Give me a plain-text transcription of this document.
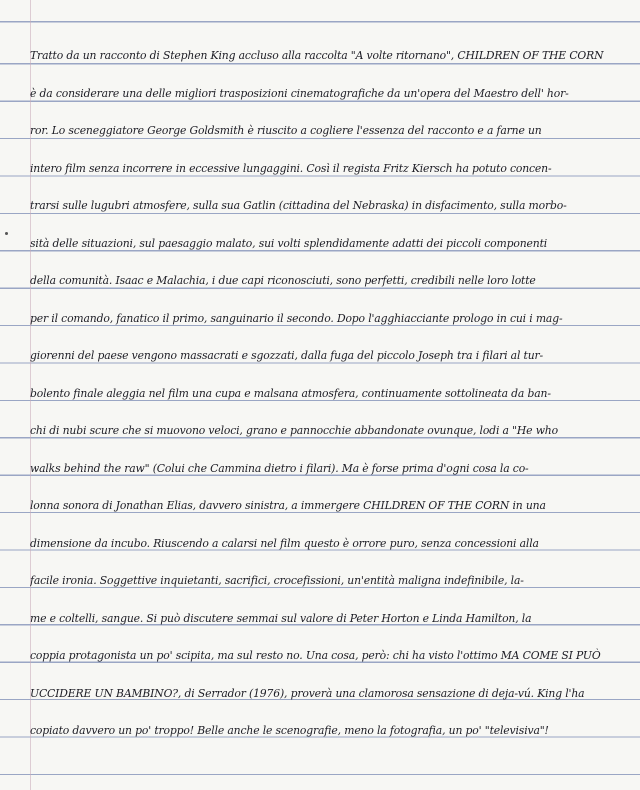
Tratto da un racconto di Stephen King accluso alla raccolta "A volte ritornano", CHILDREN OF THE CORN
è da considerare una delle migliori trasposizioni cinematografiche da un'opera del Maestro dell' hor-
ror. Lo sceneggiatore George Goldsmith è riuscito a cogliere l'essenza del racconto e a farne un
intero film senza incorrere in eccessive lungaggini. Così il regista Fritz Kiersch ha potuto concen-
trarsi sulle lugubri atmosfere, sulla sua Gatlin (cittadina del Nebraska) in disfacimento, sulla morbo-
sità delle situazioni, sul paesaggio malato, sui volti splendidamente adatti dei piccoli componenti
della comunità. Isaac e Malachia, i due capi riconosciuti, sono perfetti, credibili nelle loro lotte
per il comando, fanatico il primo, sanguinario il secondo. Dopo l'agghiacciante prologo in cui i mag-
giorenni del paese vengono massacrati e sgozzati, dalla fuga del piccolo Joseph tra i filari al tur-
bolento finale aleggia nel film una cupa e malsana atmosfera, continuamente sottolineata da ban-
chi di nubi scure che si muovono veloci, grano e pannocchie abbandonate ovunque, lodi a "He who
walks behind the raw" (Colui che Cammina dietro i filari). Ma è forse prima d'ogni cosa la co-
lonna sonora di Jonathan Elias, davvero sinistra, a immergere CHILDREN OF THE CORN in una
dimensione da incubo. Riuscendo a calarsi nel film questo è orrore puro, senza concessioni alla
facile ironia. Soggettive inquietanti, sacrifici, crocefissioni, un'entità maligna indefinibile, la-
me e coltelli, sangue. Si può discutere semmai sul valore di Peter Horton e Linda Hamilton, la
coppia protagonista un po' scipita, ma sul resto no. Una cosa, però: chi ha visto l'ottimo MA COME SI PUÒ
UCCIDERE UN BAMBINO?, di Serrador (1976), proverà una clamorosa sensazione di deja-vú. King l'ha
copiato davvero un po' troppo! Belle anche le scenografie, meno la fotografia, un po' "televisiva"!
